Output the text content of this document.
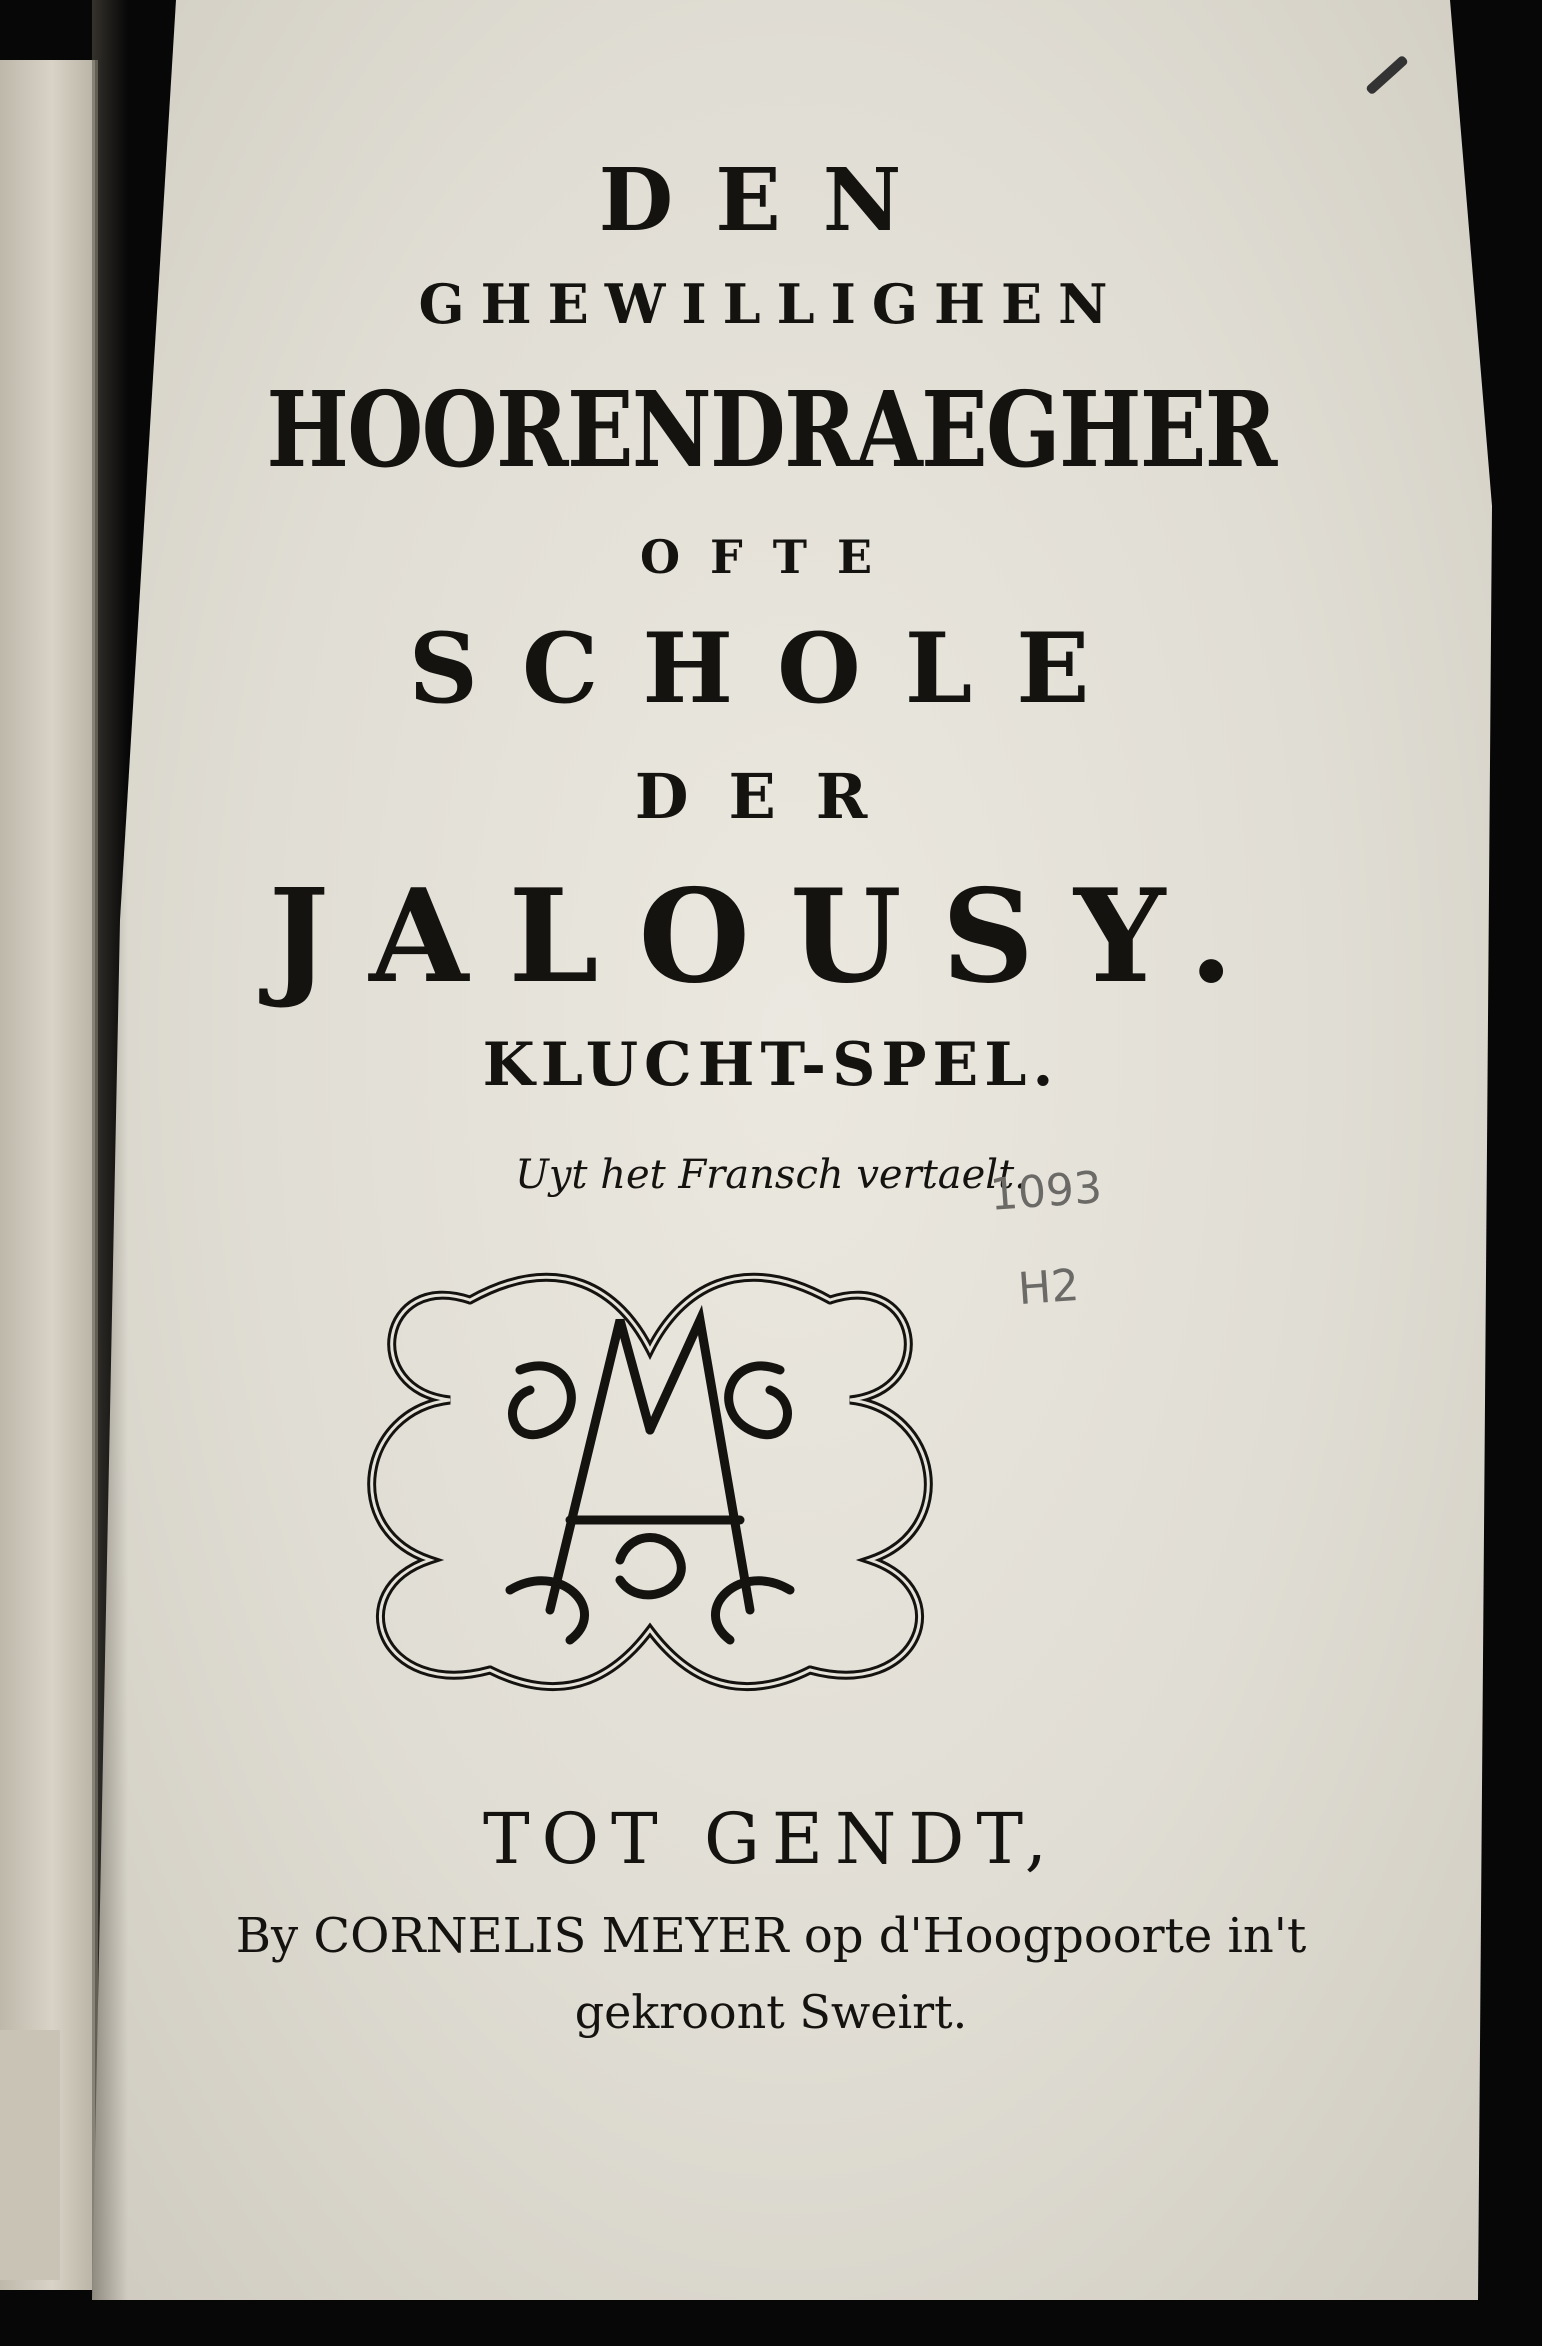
DEN
GHEWILLIGHEN
HOORENDRAEGHER
OFTE
SCHOLE
DER
JALOUSY.
KLUCHT-SPEL.
Uyt het Fransch vertaelt.
1093
H2
TOT GENDT,
By CORNELIS MEYER op d'Hoogpoorte in't
gekroont Sweirt.
